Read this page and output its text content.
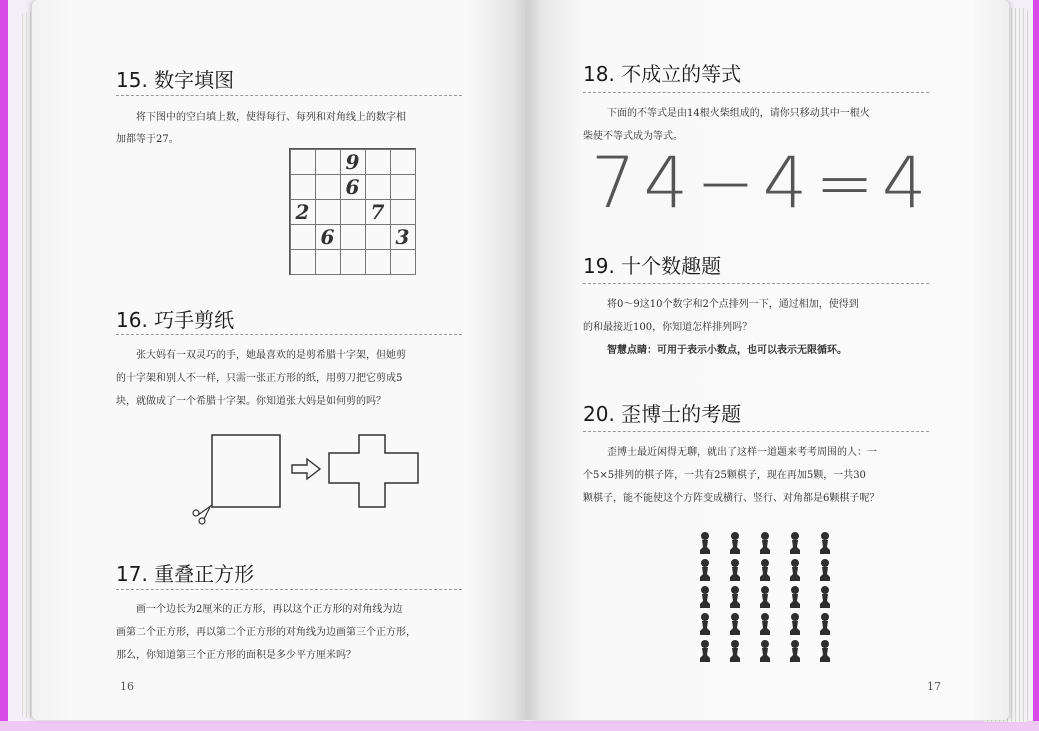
15. 数字填图
将下图中的空白填上数，使得每行、每列和对角线上的数字相
加都等于27。
9
6
2	7
6	3
16. 巧手剪纸
张大妈有一双灵巧的手，她最喜欢的是剪希腊十字架，但她剪
的十字架和别人不一样，只需一张正方形的纸，用剪刀把它剪成5
块，就做成了一个希腊十字架。你知道张大妈是如何剪的吗？
17. 重叠正方形
画一个边长为2厘米的正方形，再以这个正方形的对角线为边
画第二个正方形，再以第二个正方形的对角线为边画第三个正方形，
那么，你知道第三个正方形的面积是多少平方厘米吗？
16
18. 不成立的等式
下面的不等式是由14根火柴组成的，请你只移动其中一根火
柴使不等式成为等式。
74−4=4
19. 十个数趣题
将0～9这10个数字和2个点排列一下，通过相加，使得到
的和最接近100，你知道怎样排列吗？
智慧点睛：可用于表示小数点，也可以表示无限循环。
20. 歪博士的考题
歪博士最近闲得无聊，就出了这样一道题来考考周围的人：一
个5×5排列的棋子阵，一共有25颗棋子，现在再加5颗，一共30
颗棋子，能不能使这个方阵变成横行、竖行、对角都是6颗棋子呢？
17
